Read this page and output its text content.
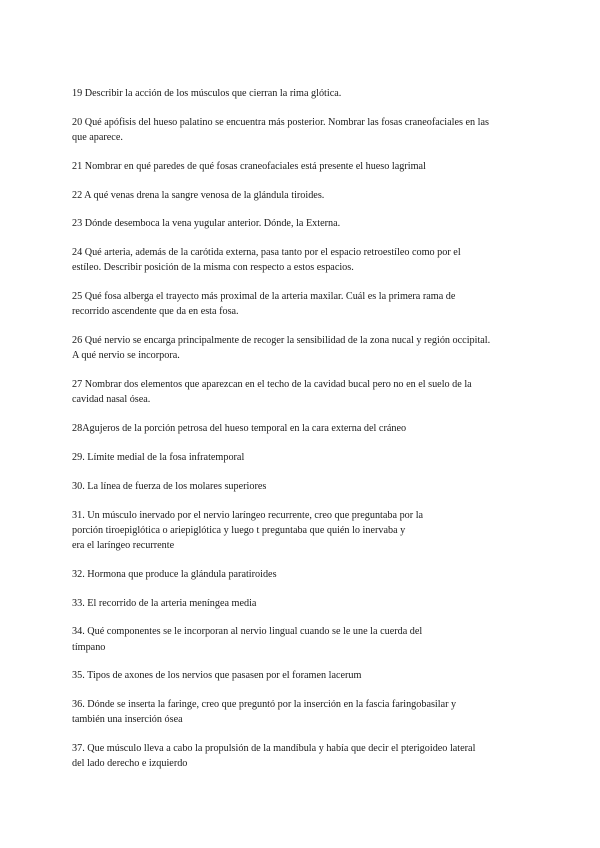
19 Describir la acción de los músculos que cierran la rima glótica.

20 Qué apófisis del hueso palatino se encuentra más posterior. Nombrar las fosas craneofaciales en las
que aparece.

21 Nombrar en qué paredes de qué fosas craneofaciales está presente el hueso lagrimal

22 A qué venas drena la sangre venosa de la glándula tiroides.

23 Dónde desemboca la vena yugular anterior. Dónde, la Externa.

24 Qué arteria, además de la carótida externa, pasa tanto por el espacio retroestíleo como por el
estíleo. Describir posición de la misma con respecto a estos espacios.

25 Qué fosa alberga el trayecto más proximal de la arteria maxilar. Cuál es la primera rama de
recorrido ascendente que da en esta fosa.

26 Qué nervio se encarga principalmente de recoger la sensibilidad de la zona nucal y región occipital.
A qué nervio se incorpora.

27 Nombrar dos elementos que aparezcan en el techo de la cavidad bucal pero no en el suelo de la
cavidad nasal ósea.

28Agujeros de la porción petrosa del hueso temporal en la cara externa del cráneo

29. Límite medial de la fosa infratemporal

30. La línea de fuerza de los molares superiores

31. Un músculo inervado por el nervio laríngeo recurrente, creo que preguntaba por la
porción tiroepiglótica o ariepiglótica y luego t preguntaba que quién lo inervaba y
era el laríngeo recurrente

32. Hormona que produce la glándula paratiroides

33. El recorrido de la arteria meníngea media

34. Qué componentes se le incorporan al nervio lingual cuando se le une la cuerda del
tímpano

35. Tipos de axones de los nervios que pasasen por el foramen lacerum

36. Dónde se inserta la faringe, creo que preguntó por la inserción en la fascia faringobasilar y
también una inserción ósea

37. Que músculo lleva a cabo la propulsión de la mandíbula y había que decir el pterigoideo lateral
del lado derecho e izquierdo
